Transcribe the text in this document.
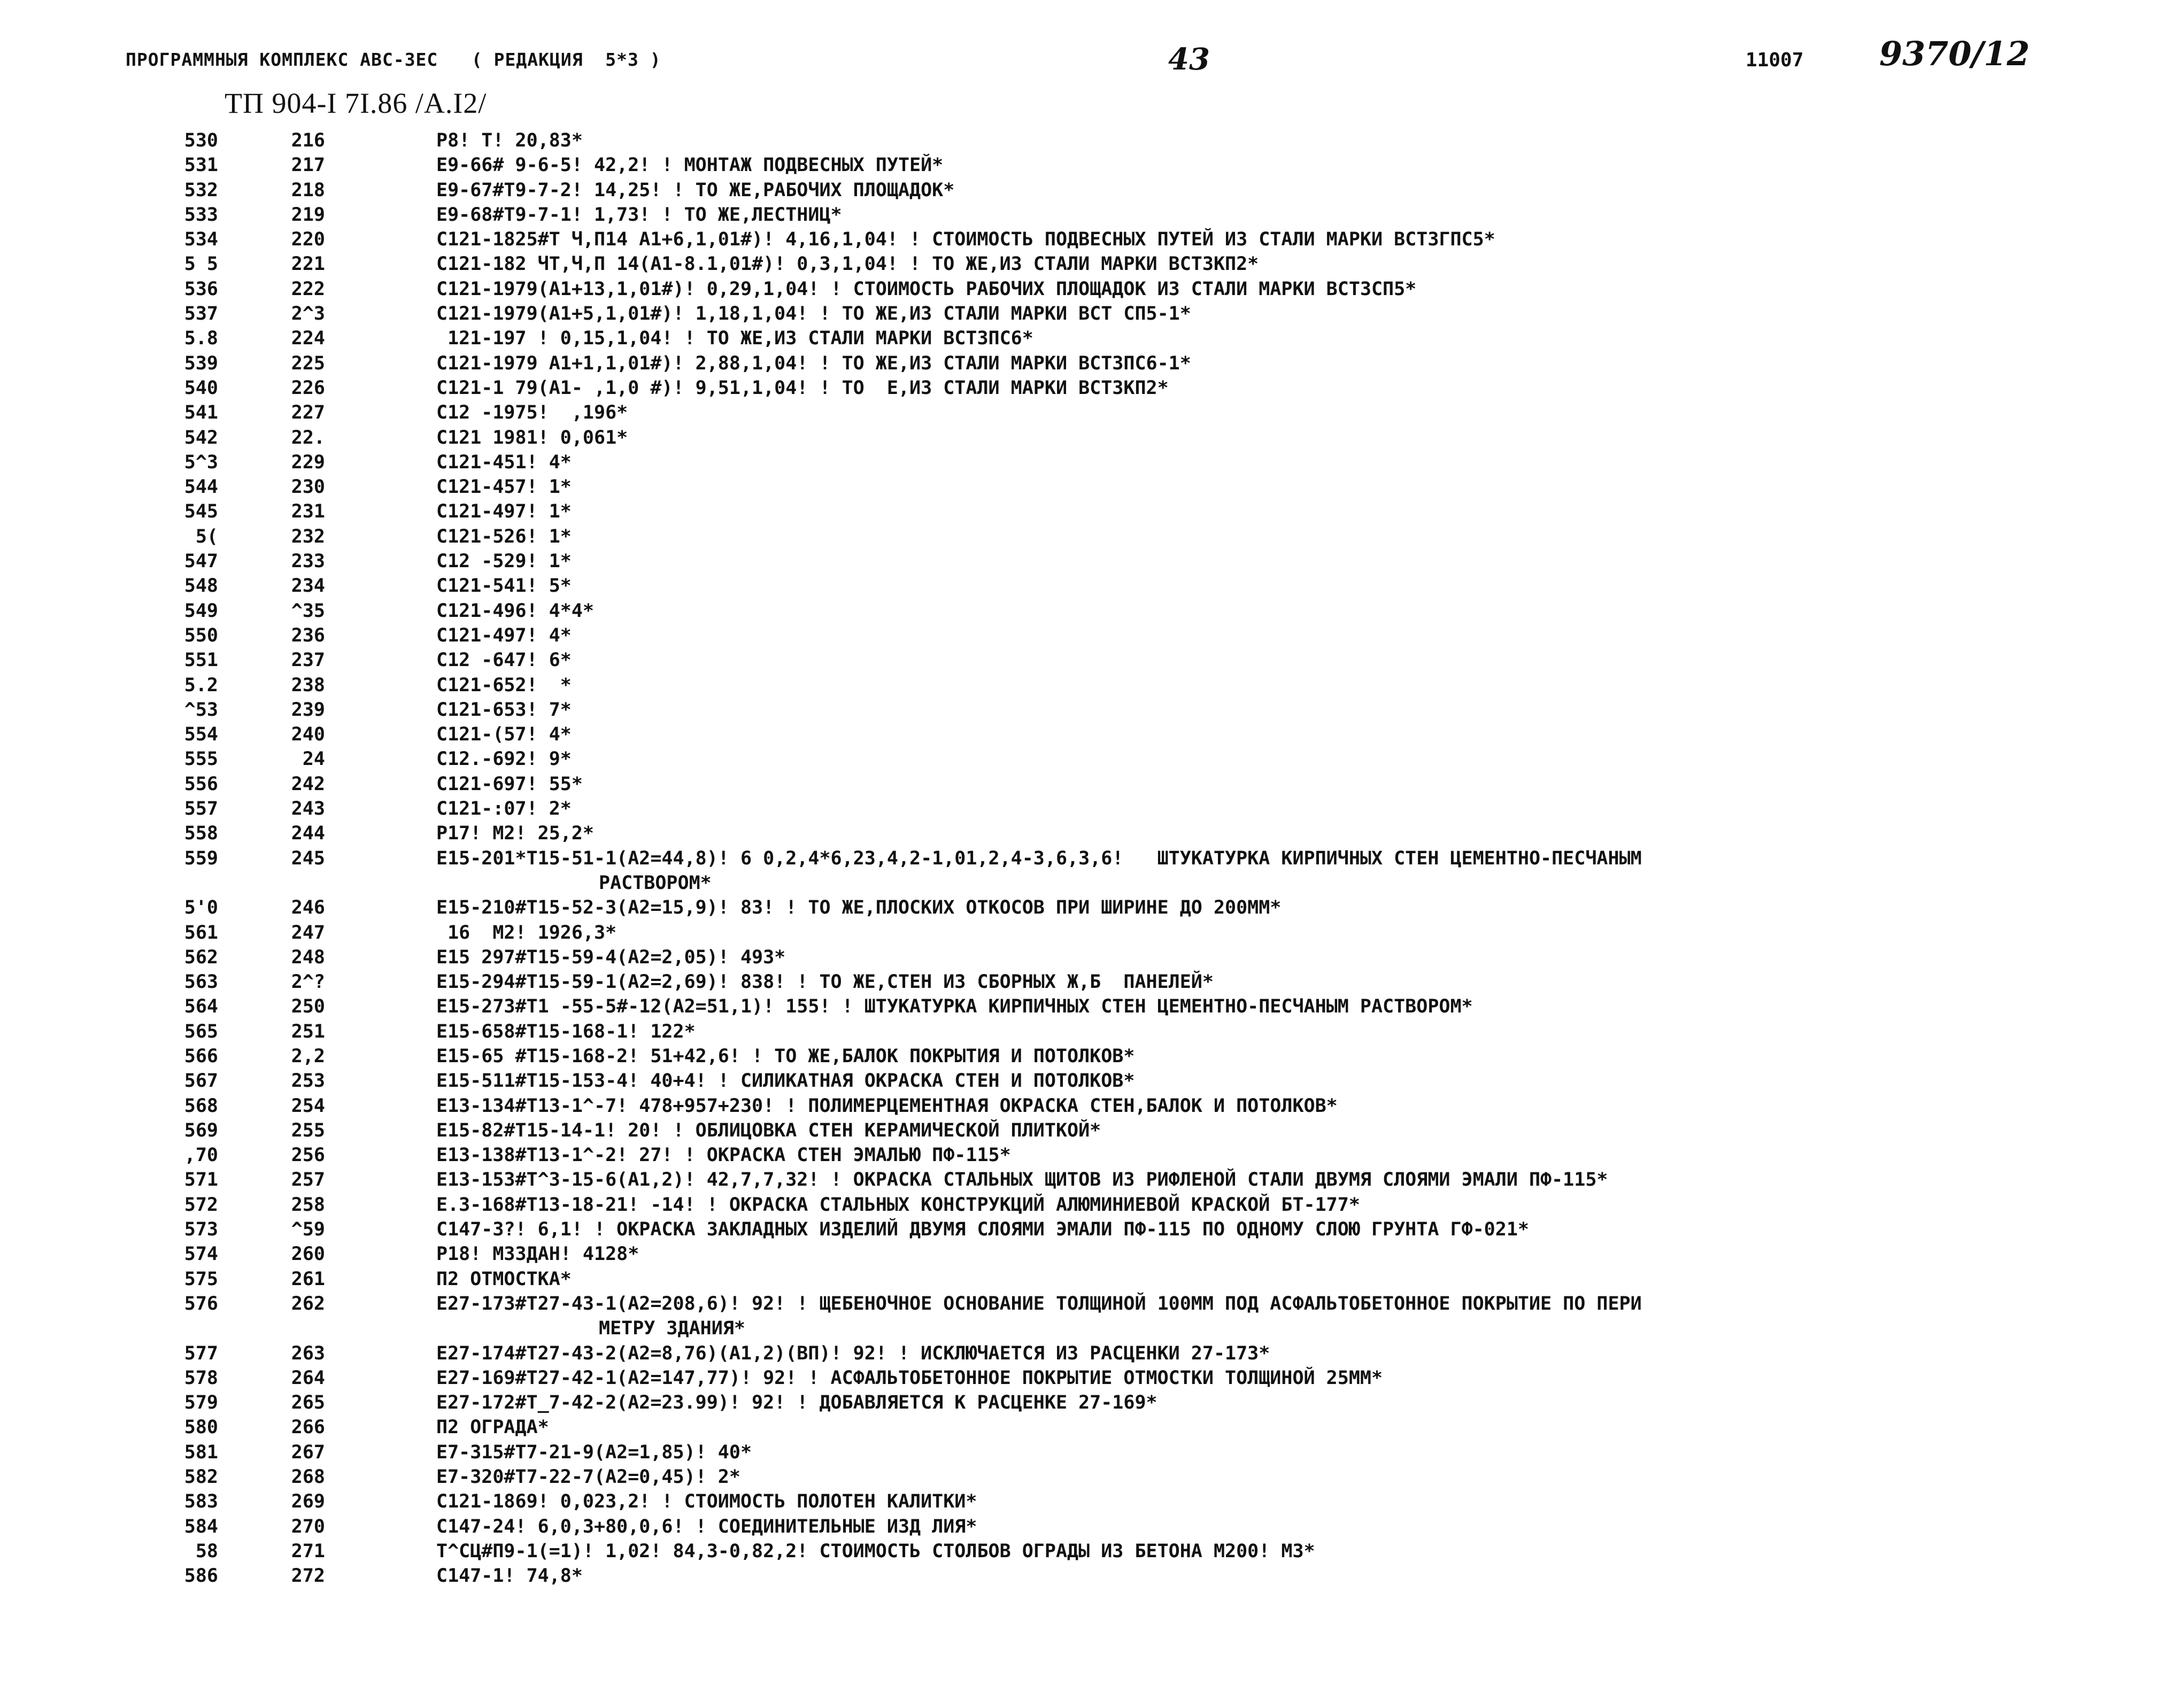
ПРОГРАММНЫЯ КОМПЛЕКС АВС-3ЕС   ( РЕДАКЦИЯ  5*3 )	43	11007 9370/12
ТП 904-I 7I.86 /А.I2/
530	216	Р8! Т! 20,83*
531	217	Е9-66# 9-6-5! 42,2! ! МОНТАЖ ПОДВЕСНЫХ ПУТЕЙ*
532	218	Е9-67#Т9-7-2! 14,25! ! ТО ЖЕ,РАБОЧИХ ПЛОЩАДОК*
533	219	Е9-68#Т9-7-1! 1,73! ! ТО ЖЕ,ЛЕСТНИЦ*
534	220	С121-1825#Т Ч,П14 А1+6,1,01#)! 4,16,1,04! ! СТОИМОСТЬ ПОДВЕСНЫХ ПУТЕЙ ИЗ СТАЛИ МАРКИ ВСТ3ГПС5*
5 5	221	С121-182 ЧТ,Ч,П 14(А1-8.1,01#)! 0,3,1,04! ! ТО ЖЕ,ИЗ СТАЛИ МАРКИ ВСТ3КП2*
536	222	С121-1979(А1+13,1,01#)! 0,29,1,04! ! СТОИМОСТЬ РАБОЧИХ ПЛОЩАДОК ИЗ СТАЛИ МАРКИ ВСТ3СП5*
537	2^3	С121-1979(А1+5,1,01#)! 1,18,1,04! ! ТО ЖЕ,ИЗ СТАЛИ МАРКИ ВСТ СП5-1*
5.8	224	121-197 ! 0,15,1,04! ! ТО ЖЕ,ИЗ СТАЛИ МАРКИ ВСТ3ПС6*
539	225	С121-1979 А1+1,1,01#)! 2,88,1,04! ! ТО ЖЕ,ИЗ СТАЛИ МАРКИ ВСТ3ПС6-1*
540	226	С121-1 79(А1- ,1,0 #)! 9,51,1,04! ! ТО  Е,ИЗ СТАЛИ МАРКИ ВСТ3КП2*
541	227	С12 -1975!  ,196*
542	22.	С121 1981! 0,061*
5^3	229	С121-451! 4*
544	230	С121-457! 1*
545	231	С121-497! 1*
5(	232	С121-526! 1*
547	233	С12 -529! 1*
548	234	С121-541! 5*
549	^35	С121-496! 4*4*
550	236	С121-497! 4*
551	237	С12 -647! 6*
5.2	238	С121-652!  *
^53	239	С121-653! 7*
554	240	С121-(57! 4*
555	24	С12.-692! 9*
556	242	С121-697! 55*
557	243	С121-:07! 2*
558	244	Р17! М2! 25,2*
559	245	Е15-201*Т15-51-1(А2=44,8)! 6 0,2,4*6,23,4,2-1,01,2,4-3,6,3,6!   ШТУКАТУРКА КИРПИЧНЫХ СТЕН ЦЕМЕНТНО-ПЕСЧАНЫМ
РАСТВОРОМ*
5'0	246	Е15-210#Т15-52-3(А2=15,9)! 83! ! ТО ЖЕ,ПЛОСКИХ ОТКОСОВ ПРИ ШИРИНЕ ДО 200ММ*
561	247	16  М2! 1926,3*
562	248	Е15 297#Т15-59-4(А2=2,05)! 493*
563	2^?	Е15-294#Т15-59-1(А2=2,69)! 838! ! ТО ЖЕ,СТЕН ИЗ СБОРНЫХ Ж,Б  ПАНЕЛЕЙ*
564	250	Е15-273#Т1 -55-5#-12(А2=51,1)! 155! ! ШТУКАТУРКА КИРПИЧНЫХ СТЕН ЦЕМЕНТНО-ПЕСЧАНЫМ РАСТВОРОМ*
565	251	Е15-658#Т15-168-1! 122*
566	2,2	Е15-65 #Т15-168-2! 51+42,6! ! ТО ЖЕ,БАЛОК ПОКРЫТИЯ И ПОТОЛКОВ*
567	253	Е15-511#Т15-153-4! 40+4! ! СИЛИКАТНАЯ ОКРАСКА СТЕН И ПОТОЛКОВ*
568	254	Е13-134#Т13-1^-7! 478+957+230! ! ПОЛИМЕРЦЕМЕНТНАЯ ОКРАСКА СТЕН,БАЛОК И ПОТОЛКОВ*
569	255	Е15-82#Т15-14-1! 20! ! ОБЛИЦОВКА СТЕН КЕРАМИЧЕСКОЙ ПЛИТКОЙ*
,70	256	Е13-138#Т13-1^-2! 27! ! ОКРАСКА СТЕН ЭМАЛЬЮ ПФ-115*
571	257	Е13-153#Т^3-15-6(А1,2)! 42,7,7,32! ! ОКРАСКА СТАЛЬНЫХ ЩИТОВ ИЗ РИФЛЕНОЙ СТАЛИ ДВУМЯ СЛОЯМИ ЭМАЛИ ПФ-115*
572	258	Е.3-168#Т13-18-21! -14! ! ОКРАСКА СТАЛЬНЫХ КОНСТРУКЦИЙ АЛЮМИНИЕВОЙ КРАСКОЙ БТ-177*
573	^59	С147-3?! 6,1! ! ОКРАСКА ЗАКЛАДНЫХ ИЗДЕЛИЙ ДВУМЯ СЛОЯМИ ЭМАЛИ ПФ-115 ПО ОДНОМУ СЛОЮ ГРУНТА ГФ-021*
574	260	Р18! М3ЗДАН! 4128*
575	261	П2 ОТМОСТКА*
576	262	Е27-173#Т27-43-1(А2=208,6)! 92! ! ЩЕБЕНОЧНОЕ ОСНОВАНИЕ ТОЛЩИНОЙ 100ММ ПОД АСФАЛЬТОБЕТОННОЕ ПОКРЫТИЕ ПО ПЕРИ
МЕТРУ ЗДАНИЯ*
577	263	Е27-174#Т27-43-2(А2=8,76)(А1,2)(ВП)! 92! ! ИСКЛЮЧАЕТСЯ ИЗ РАСЦЕНКИ 27-173*
578	264	Е27-169#Т27-42-1(А2=147,77)! 92! ! АСФАЛЬТОБЕТОННОЕ ПОКРЫТИЕ ОТМОСТКИ ТОЛЩИНОЙ 25ММ*
579	265	Е27-172#Т_7-42-2(А2=23.99)! 92! ! ДОБАВЛЯЕТСЯ К РАСЦЕНКЕ 27-169*
580	266	П2 ОГРАДА*
581	267	Е7-315#Т7-21-9(А2=1,85)! 40*
582	268	Е7-320#Т7-22-7(А2=0,45)! 2*
583	269	С121-1869! 0,023,2! ! СТОИМОСТЬ ПОЛОТЕН КАЛИТКИ*
584	270	С147-24! 6,0,3+80,0,6! ! СОЕДИНИТЕЛЬНЫЕ ИЗД ЛИЯ*
58	271	Т^СЦ#П9-1(=1)! 1,02! 84,3-0,82,2! СТОИМОСТЬ СТОЛБОВ ОГРАДЫ ИЗ БЕТОНА М200! М3*
586	272	С147-1! 74,8*
